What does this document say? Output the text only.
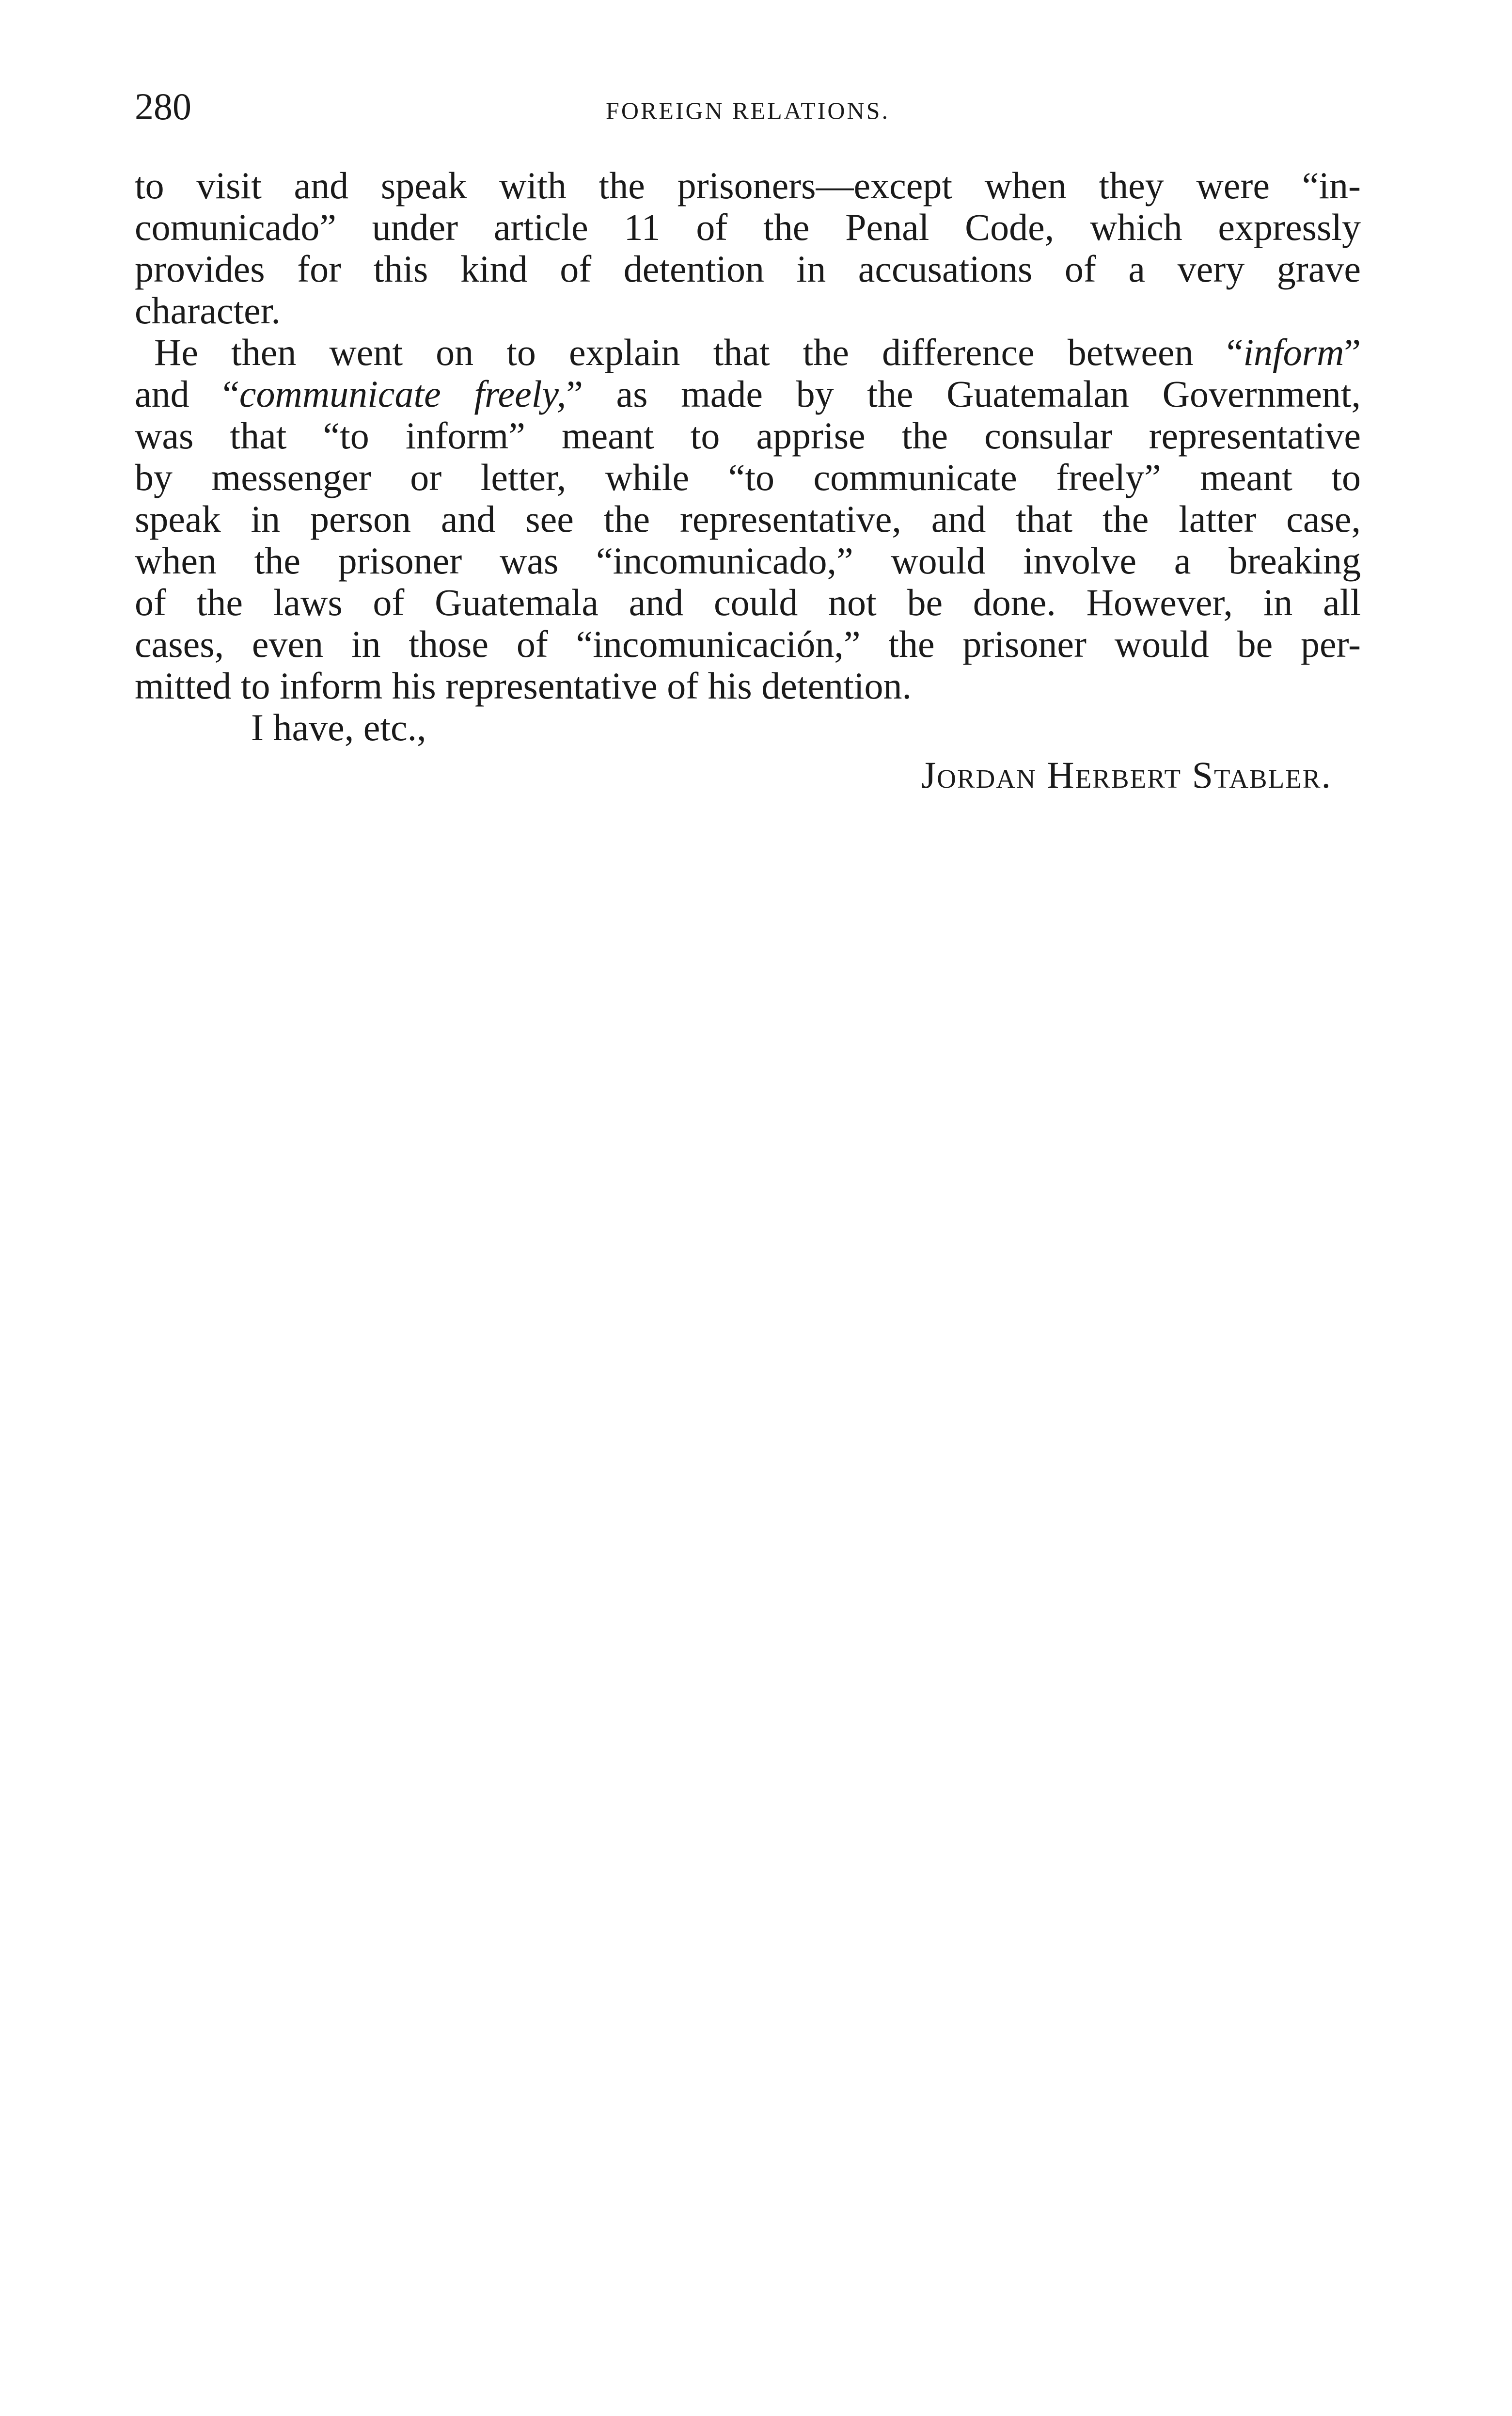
280	FOREIGN RELATIONS.

to visit and speak with the prisoners—except when they were “in-
comunicado” under article 11 of the Penal Code, which expressly
provides for this kind of detention in accusations of a very grave
character.

He then went on to explain that the difference between “inform”
and “communicate freely,” as made by the Guatemalan Government,
was that “to inform” meant to apprise the consular representative
by messenger or letter, while “to communicate freely” meant to
speak in person and see the representative, and that the latter case,
when the prisoner was “incomunicado,” would involve a breaking
of the laws of Guatemala and could not be done. However, in all
cases, even in those of “incomunicación,” the prisoner would be per-
mitted to inform his representative of his detention.

I have, etc.,

Jordan Herbert Stabler.
